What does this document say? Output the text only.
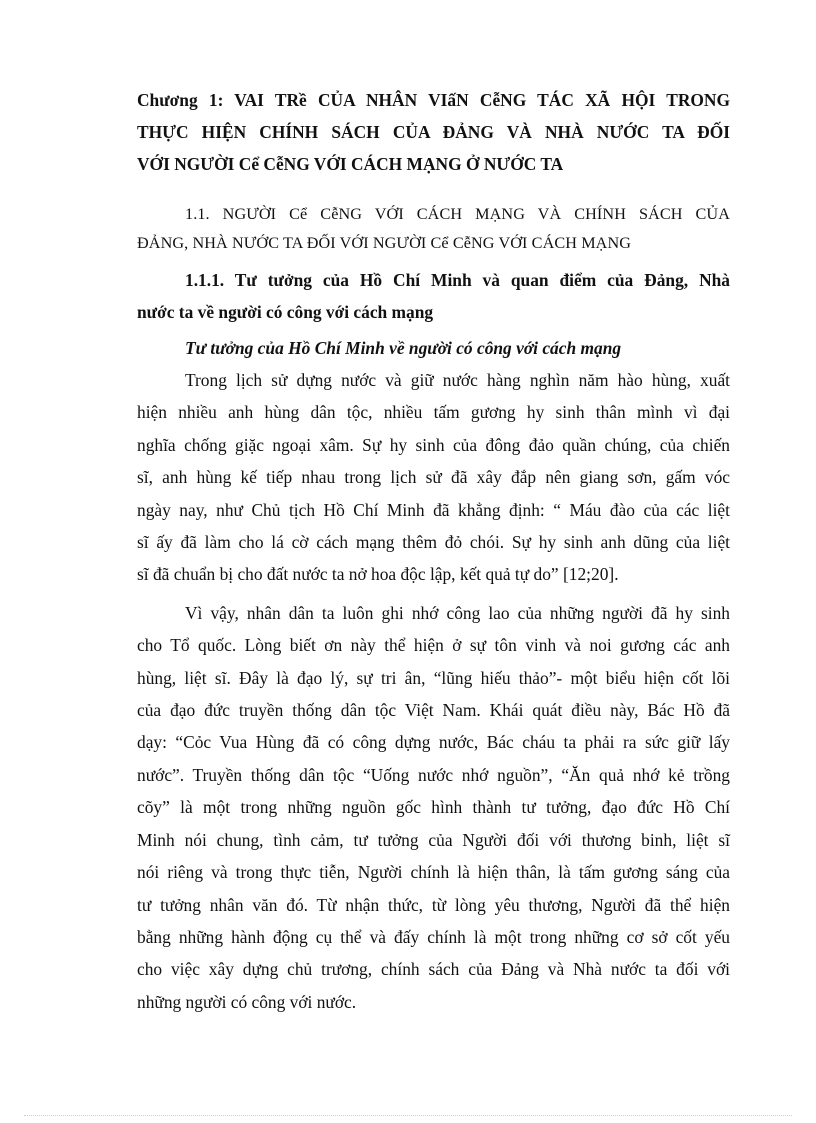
Chương 1: VAI TRề CỦA NHÂN VIấN CễNG TÁC XÃ HỘI TRONG
THỰC HIỆN CHÍNH SÁCH CỦA ĐẢNG VÀ NHÀ NƯỚC TA ĐỐI
VỚI NGƯỜI Cể CễNG VỚI CÁCH MẠNG Ở NƯỚC TA
1.1. NGƯỜI Cể CễNG VỚI CÁCH MẠNG VÀ CHÍNH SÁCH CỦA
ĐẢNG, NHÀ NƯỚC TA ĐỐI VỚI NGƯỜI Cể CễNG VỚI CÁCH MẠNG
1.1.1. Tư tưởng của Hồ Chí Minh và quan điểm của Đảng, Nhà
nước ta về người có công với cách mạng
Tư tưởng của Hồ Chí Minh về người có công với cách mạng
Trong lịch sử dựng nước và giữ nước hàng nghìn năm hào hùng, xuất
hiện nhiều anh hùng dân tộc, nhiều tấm gương hy sinh thân mình vì đại
nghĩa chống giặc ngoại xâm. Sự hy sinh của đông đảo quần chúng, của chiến
sĩ, anh hùng kế tiếp nhau trong lịch sử đã xây đắp nên giang sơn, gấm vóc
ngày nay, như Chủ tịch Hồ Chí Minh đã khẳng định: “ Máu đào của các liệt
sĩ ấy đã làm cho lá cờ cách mạng thêm đỏ chói. Sự hy sinh anh dũng của liệt
sĩ đã chuẩn bị cho đất nước ta nở hoa độc lập, kết quả tự do” [12;20].
Vì vậy, nhân dân ta luôn ghi nhớ công lao của những người đã hy sinh
cho Tổ quốc. Lòng biết ơn này thể hiện ở sự tôn vinh và noi gương các anh
hùng, liệt sĩ. Đây là đạo lý, sự tri ân, “lũng hiếu thảo”- một biểu hiện cốt lõi
của đạo đức truyền thống dân tộc Việt Nam. Khái quát điều này, Bác Hồ đã
dạy: “Cỏc Vua Hùng đã có công dựng nước, Bác cháu ta phải ra sức giữ lấy
nước”. Truyền thống dân tộc “Uống nước nhớ nguồn”, “Ăn quả nhớ kẻ trồng
cõy” là một trong những nguồn gốc hình thành tư tưởng, đạo đức Hồ Chí
Minh nói chung, tình cảm, tư tưởng của Người đối với thương binh, liệt sĩ
nói riêng và trong thực tiễn, Người chính là hiện thân, là tấm gương sáng của
tư tưởng nhân văn đó. Từ nhận thức, từ lòng yêu thương, Người đã thể hiện
bằng những hành động cụ thể và đấy chính là một trong những cơ sở cốt yếu
cho việc xây dựng chủ trương, chính sách của Đảng và Nhà nước ta đối với
những người có công với nước.
